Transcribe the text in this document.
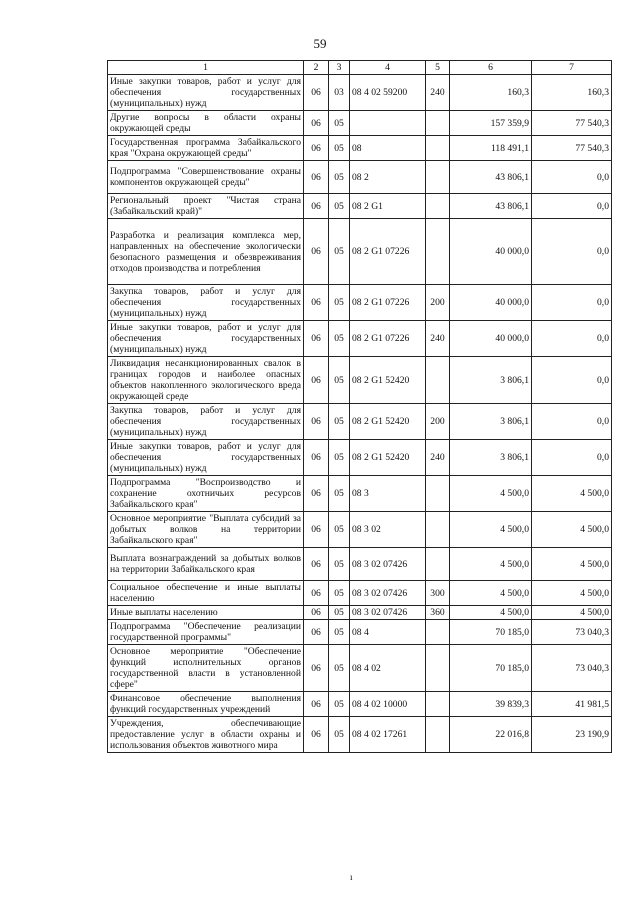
59
1	2	3	4	5	6	7
Иные закупки товаров, работ и услуг для обеспечения государственных (муниципальных) нужд	06	03	08 4 02 59200	240	160,3	160,3
Другие вопросы в области охраны окружающей среды	06	05			157 359,9	77 540,3
Государственная программа Забайкальского края "Охрана окружающей среды"	06	05	08		118 491,1	77 540,3
Подпрограмма "Совершенствование охраны компонентов окружающей среды"	06	05	08 2		43 806,1	0,0
Региональный проект "Чистая страна (Забайкальский край)"	06	05	08 2 G1		43 806,1	0,0
Разработка и реализация комплекса мер, направленных на обеспечение экологически безопасного размещения и обезвреживания отходов производства и потребления	06	05	08 2 G1 07226		40 000,0	0,0
Закупка товаров, работ и услуг для обеспечения государственных (муниципальных) нужд	06	05	08 2 G1 07226	200	40 000,0	0,0
Иные закупки товаров, работ и услуг для обеспечения государственных (муниципальных) нужд	06	05	08 2 G1 07226	240	40 000,0	0,0
Ликвидация несанкционированных свалок в границах городов и наиболее опасных объектов накопленного экологического вреда окружающей среде	06	05	08 2 G1 52420		3 806,1	0,0
Закупка товаров, работ и услуг для обеспечения государственных (муниципальных) нужд	06	05	08 2 G1 52420	200	3 806,1	0,0
Иные закупки товаров, работ и услуг для обеспечения государственных (муниципальных) нужд	06	05	08 2 G1 52420	240	3 806,1	0,0
Подпрограмма "Воспроизводство и сохранение охотничьих ресурсов Забайкальского края"	06	05	08 3		4 500,0	4 500,0
Основное мероприятие "Выплата субсидий за добытых волков на территории Забайкальского края"	06	05	08 3 02		4 500,0	4 500,0
Выплата вознаграждений за добытых волков на территории Забайкальского края	06	05	08 3 02 07426		4 500,0	4 500,0
Социальное обеспечение и иные выплаты населению	06	05	08 3 02 07426	300	4 500,0	4 500,0
Иные выплаты населению	06	05	08 3 02 07426	360	4 500,0	4 500,0
Подпрограмма "Обеспечение реализации государственной программы"	06	05	08 4		70 185,0	73 040,3
Основное мероприятие "Обеспечение функций исполнительных органов государственной власти в установленной сфере"	06	05	08 4 02		70 185,0	73 040,3
Финансовое обеспечение выполнения функций государственных учреждений	06	05	08 4 02 10000		39 839,3	41 981,5
Учреждения, обеспечивающие предоставление услуг в области охраны и использования объектов животного мира	06	05	08 4 02 17261		22 016,8	23 190,9
ı
